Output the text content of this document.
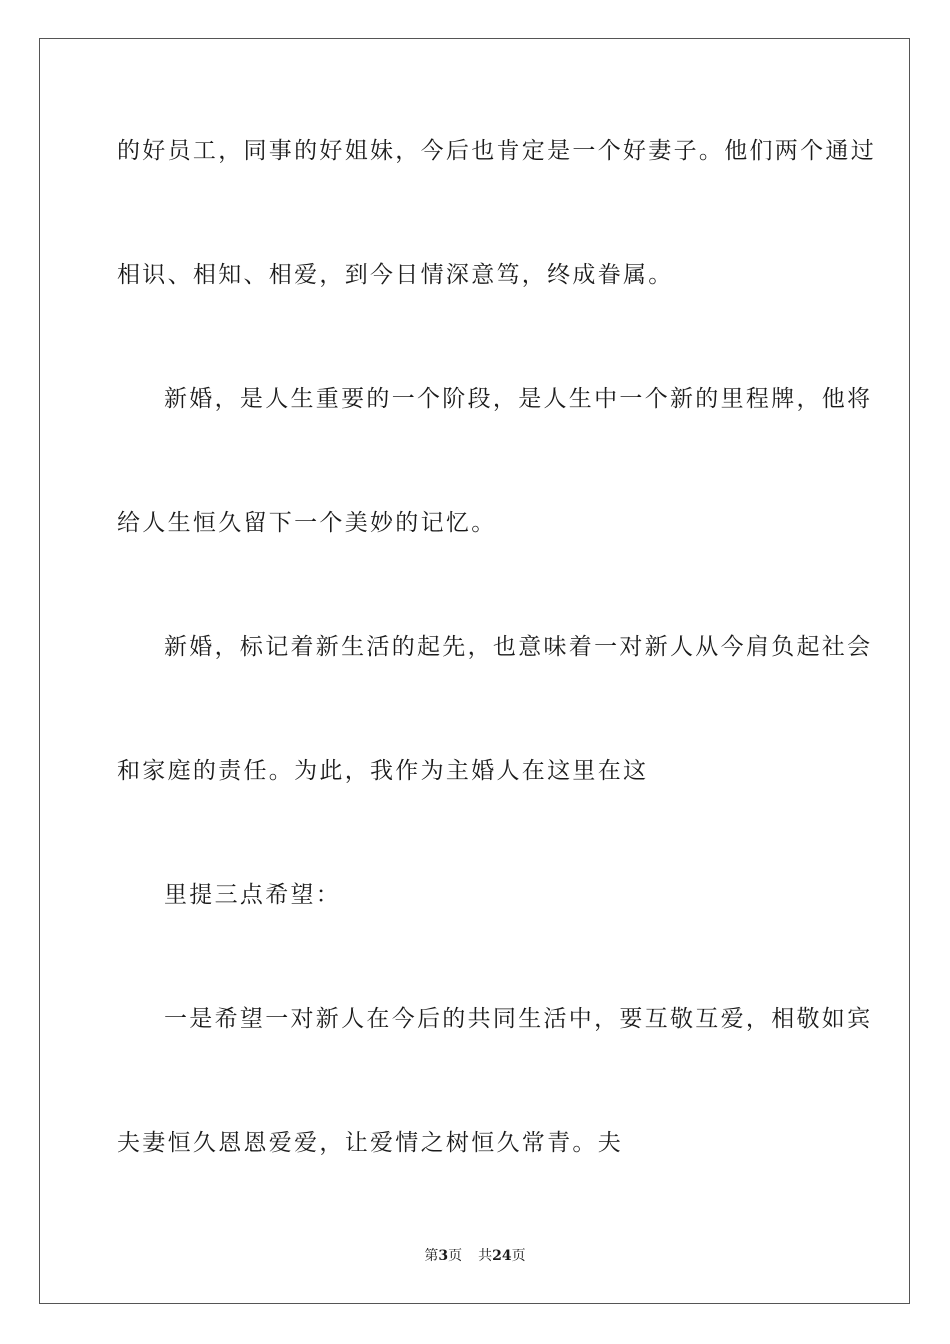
的好员工，同事的好姐妹，今后也肯定是一个好妻子。他们两个通过
相识、相知、相爱，到今日情深意笃，终成眷属。
新婚，是人生重要的一个阶段，是人生中一个新的里程牌，他将
给人生恒久留下一个美妙的记忆。
新婚，标记着新生活的起先，也意味着一对新人从今肩负起社会
和家庭的责任。为此，我作为主婚人在这里在这
里提三点希望：
一是希望一对新人在今后的共同生活中，要互敬互爱，相敬如宾
夫妻恒久恩恩爱爱，让爱情之树恒久常青。夫
第3页 共24页
